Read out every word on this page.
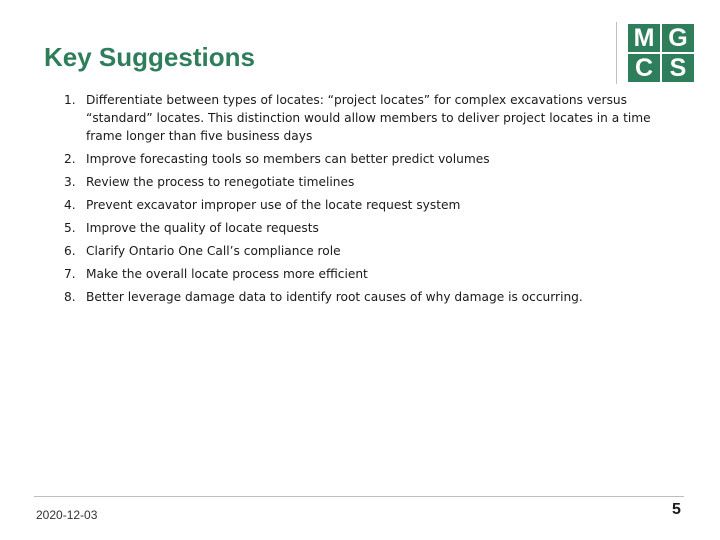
Key Suggestions
M G
C S
1. Differentiate between types of locates: “project locates” for complex excavations versus “standard” locates. This distinction would allow members to deliver project locates in a time frame longer than five business days
2. Improve forecasting tools so members can better predict volumes
3. Review the process to renegotiate timelines
4. Prevent excavator improper use of the locate request system
5. Improve the quality of locate requests
6. Clarify Ontario One Call’s compliance role
7. Make the overall locate process more efficient
8. Better leverage damage data to identify root causes of why damage is occurring.
2020-12-03	5
